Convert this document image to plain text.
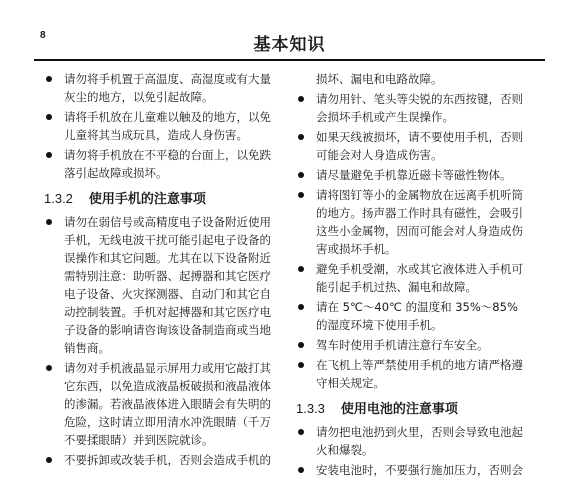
8	基本知识
请勿将手机置于高温度、高湿度或有大量灰尘的地方，以免引起故障。
请将手机放在儿童难以触及的地方，以免儿童将其当成玩具，造成人身伤害。
请勿将手机放在不平稳的台面上，以免跌落引起故障或损坏。
1.3.2 使用手机的注意事项
请勿在弱信号或高精度电子设备附近使用手机，无线电波干扰可能引起电子设备的误操作和其它问题。尤其在以下设备附近需特别注意：助听器、起搏器和其它医疗电子设备、火灾探测器、自动门和其它自动控制装置。手机对起搏器和其它医疗电子设备的影响请咨询该设备制造商或当地销售商。
请勿对手机液晶显示屏用力或用它敲打其它东西，以免造成液晶板破损和液晶液体的渗漏。若液晶液体进入眼睛会有失明的危险，这时请立即用清水冲洗眼睛（千万不要揉眼睛）并到医院就诊。
不要拆卸或改装手机，否则会造成手机的
损坏、漏电和电路故障。
请勿用针、笔头等尖锐的东西按键，否则会损坏手机或产生误操作。
如果天线被损坏，请不要使用手机，否则可能会对人身造成伤害。
请尽量避免手机靠近磁卡等磁性物体。
请将图钉等小的金属物放在远离手机听筒的地方。扬声器工作时具有磁性，会吸引这些小金属物，因而可能会对人身造成伤害或损坏手机。
避免手机受潮，水或其它液体进入手机可能引起手机过热、漏电和故障。
请在 5℃～40℃ 的温度和 35%～85% 的湿度环境下使用手机。
驾车时使用手机请注意行车安全。
在飞机上等严禁使用手机的地方请严格遵守相关规定。
1.3.3 使用电池的注意事项
请勿把电池扔到火里，否则会导致电池起火和爆裂。
安装电池时，不要强行施加压力，否则会
